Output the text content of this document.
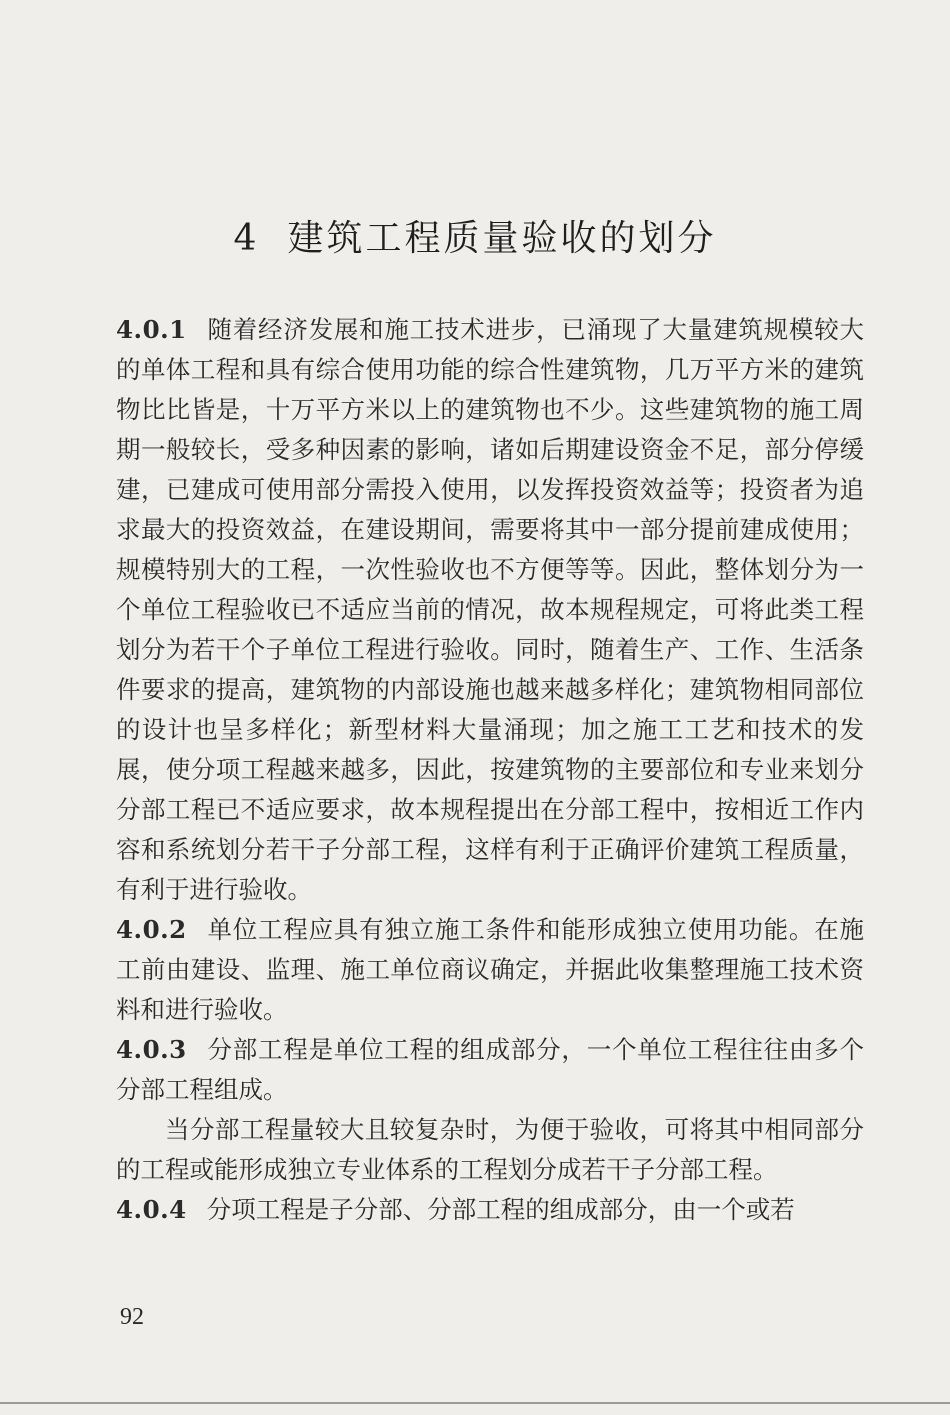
4 建筑工程质量验收的划分

4.0.1 随着经济发展和施工技术进步，已涌现了大量建筑规模较大的单体工程和具有综合使用功能的综合性建筑物，几万平方米的建筑物比比皆是，十万平方米以上的建筑物也不少。这些建筑物的施工周期一般较长，受多种因素的影响，诸如后期建设资金不足，部分停缓建，已建成可使用部分需投入使用，以发挥投资效益等；投资者为追求最大的投资效益，在建设期间，需要将其中一部分提前建成使用；规模特别大的工程，一次性验收也不方便等等。因此，整体划分为一个单位工程验收已不适应当前的情况，故本规程规定，可将此类工程划分为若干个子单位工程进行验收。同时，随着生产、工作、生活条件要求的提高，建筑物的内部设施也越来越多样化；建筑物相同部位的设计也呈多样化；新型材料大量涌现；加之施工工艺和技术的发展，使分项工程越来越多，因此，按建筑物的主要部位和专业来划分分部工程已不适应要求，故本规程提出在分部工程中，按相近工作内容和系统划分若干子分部工程，这样有利于正确评价建筑工程质量，有利于进行验收。

4.0.2 单位工程应具有独立施工条件和能形成独立使用功能。在施工前由建设、监理、施工单位商议确定，并据此收集整理施工技术资料和进行验收。

4.0.3 分部工程是单位工程的组成部分，一个单位工程往往由多个分部工程组成。

当分部工程量较大且较复杂时，为便于验收，可将其中相同部分的工程或能形成独立专业体系的工程划分成若干子分部工程。

4.0.4 分项工程是子分部、分部工程的组成部分，由一个或若

92
